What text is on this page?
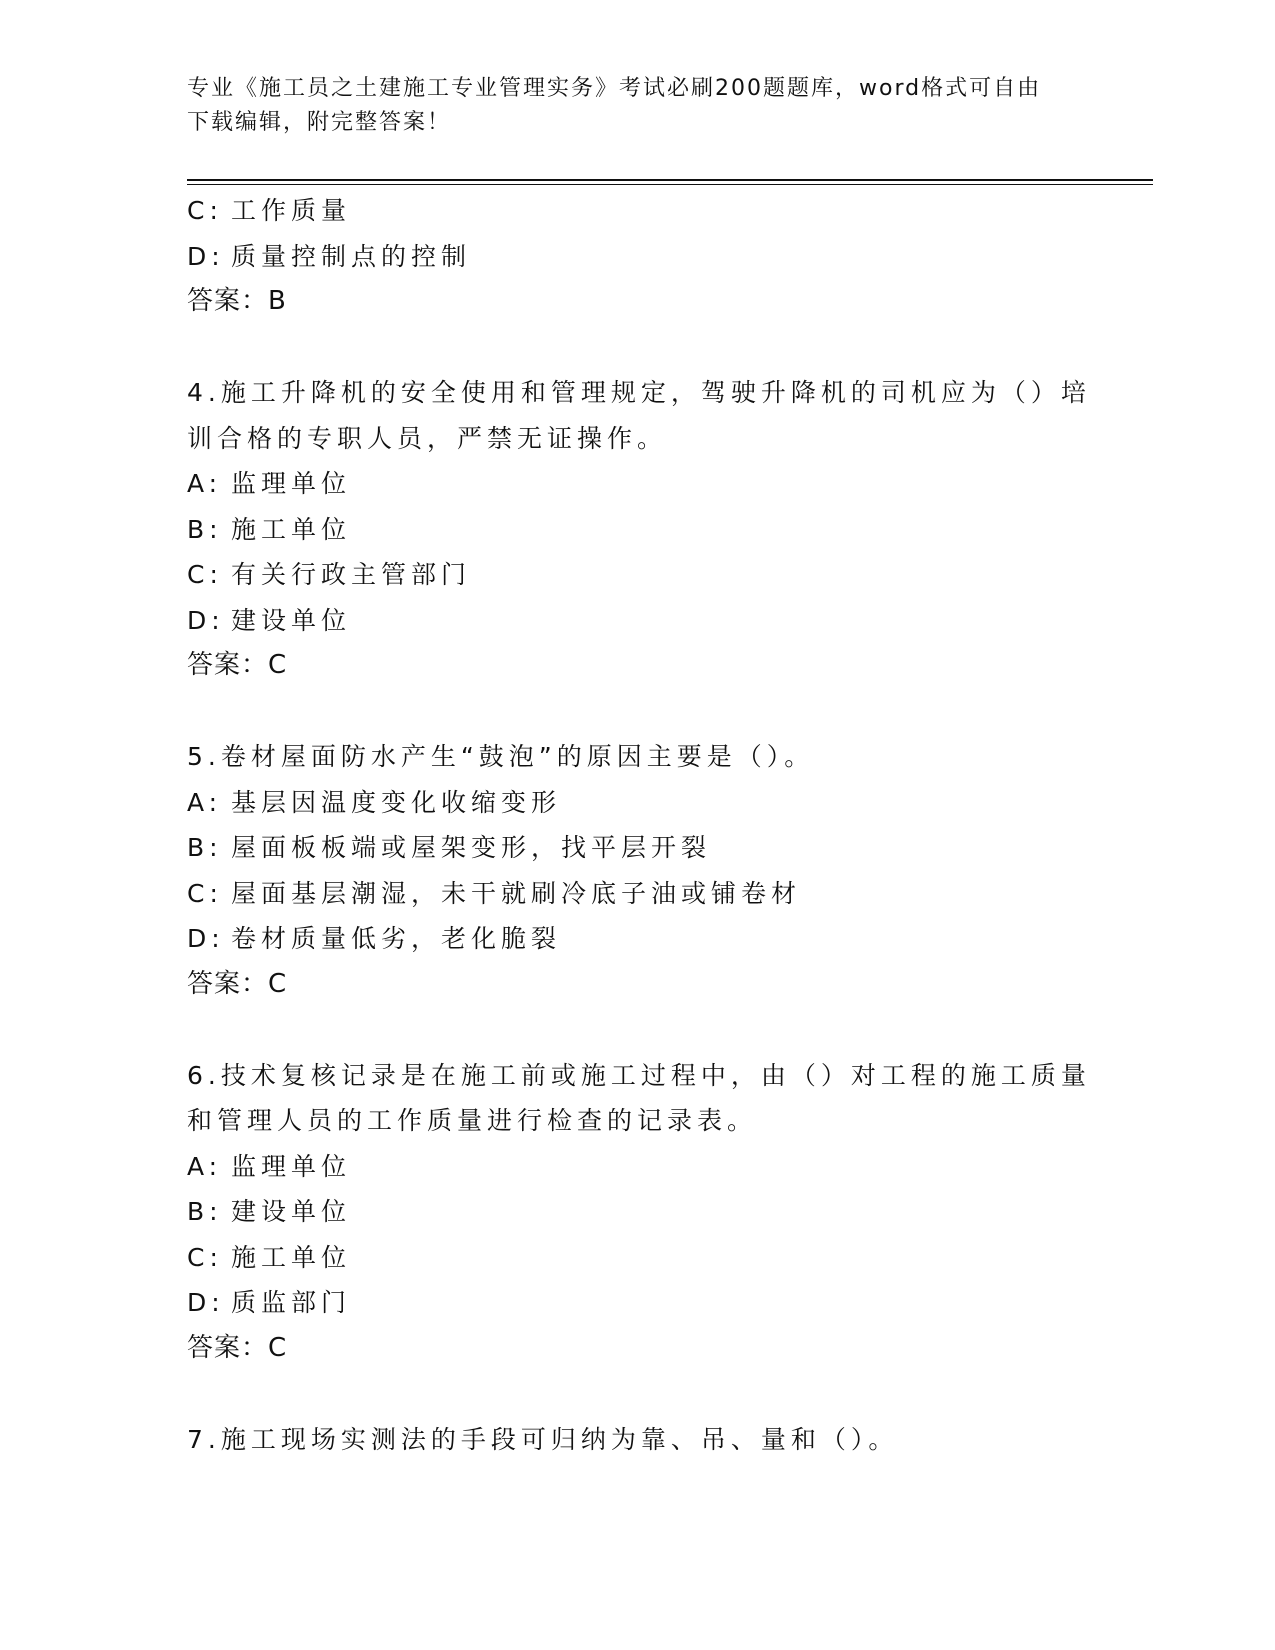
专业《施工员之土建施工专业管理实务》考试必刷200题题库，word格式可自由
下载编辑，附完整答案！
C: 工作质量
D: 质量控制点的控制
答案：B
4.施工升降机的安全使用和管理规定，驾驶升降机的司机应为（）培
训合格的专职人员，严禁无证操作。
A: 监理单位
B: 施工单位
C: 有关行政主管部门
D: 建设单位
答案：C
5.卷材屋面防水产生“鼓泡”的原因主要是（）。
A: 基层因温度变化收缩变形
B: 屋面板板端或屋架变形，找平层开裂
C: 屋面基层潮湿，未干就刷冷底子油或铺卷材
D: 卷材质量低劣，老化脆裂
答案：C
6.技术复核记录是在施工前或施工过程中，由（）对工程的施工质量
和管理人员的工作质量进行检查的记录表。
A: 监理单位
B: 建设单位
C: 施工单位
D: 质监部门
答案：C
7.施工现场实测法的手段可归纳为靠、吊、量和（）。
